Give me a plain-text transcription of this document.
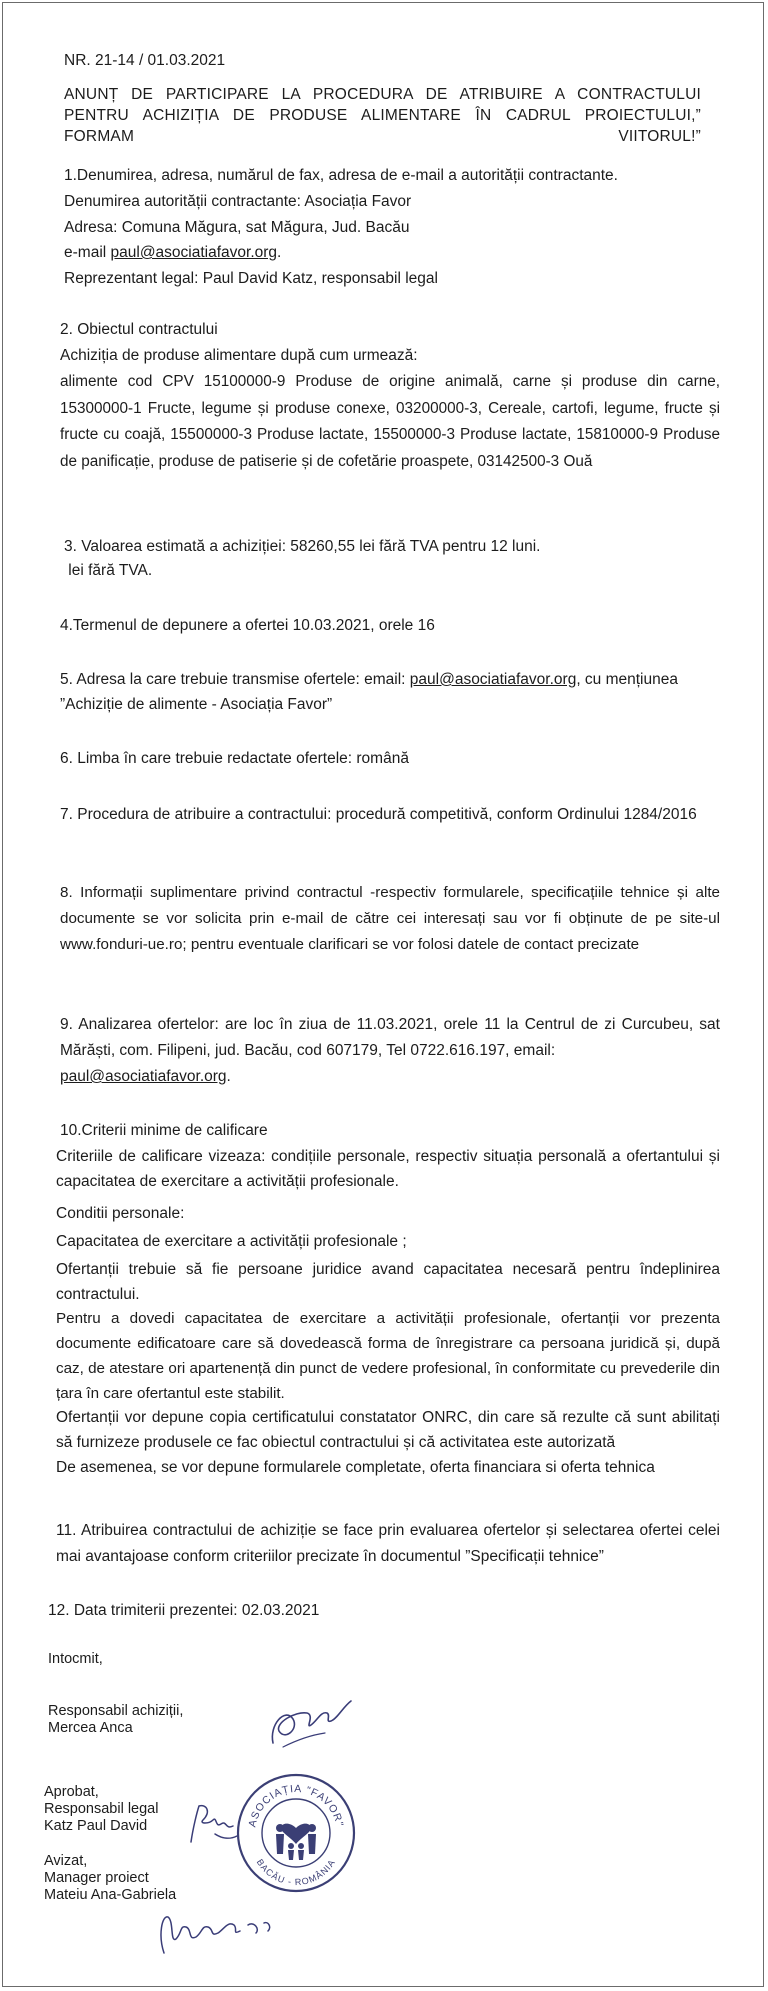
NR. 21-14 / 01.03.2021
ANUNȚ DE PARTICIPARE LA PROCEDURA DE ATRIBUIRE A CONTRACTULUI PENTRU ACHIZIȚIA DE PRODUSE ALIMENTARE ÎN CADRUL PROIECTULUI,” FORMAM VIITORUL!”
1.Denumirea, adresa, numărul de fax, adresa de e-mail a autorității contractante.
Denumirea autorității contractante: Asociația Favor
Adresa: Comuna Măgura, sat Măgura, Jud. Bacău
e-mail paul@asociatiafavor.org.
Reprezentant legal: Paul David Katz, responsabil legal
2. Obiectul contractului
Achiziția de produse alimentare după cum urmează:
alimente cod CPV 15100000-9 Produse de origine animală, carne și produse din carne, 15300000-1 Fructe, legume și produse conexe, 03200000-3, Cereale, cartofi, legume, fructe și fructe cu coajă, 15500000-3 Produse lactate, 15500000-3 Produse lactate, 15810000-9 Produse de panificație, produse de patiserie și de cofetărie proaspete, 03142500-3 Ouă
3. Valoarea estimată a achiziției: 58260,55 lei fără TVA pentru 12 luni.
lei fără TVA.
4.Termenul de depunere a ofertei 10.03.2021, orele 16
5. Adresa la care trebuie transmise ofertele: email: paul@asociatiafavor.org, cu mențiunea
”Achiziție de alimente - Asociația Favor”
6. Limba în care trebuie redactate ofertele: română
7. Procedura de atribuire a contractului: procedură competitivă, conform Ordinului 1284/2016
8. Informații suplimentare privind contractul -respectiv formularele, specificațiile tehnice și alte documente se vor solicita prin e-mail de către cei interesați sau vor fi obținute de pe site-ul www.fonduri-ue.ro; pentru eventuale clarificari se vor folosi datele de contact precizate
9. Analizarea ofertelor: are loc în ziua de 11.03.2021, orele 11 la Centrul de zi Curcubeu, sat Mărăști, com. Filipeni, jud. Bacău, cod 607179, Tel 0722.616.197, email:
paul@asociatiafavor.org.
10.Criterii minime de calificare
Criteriile de calificare vizeaza: condițiile personale, respectiv situația personală a ofertantului și capacitatea de exercitare a activității profesionale.
Conditii personale:
Capacitatea de exercitare a activității profesionale ;
Ofertanții trebuie să fie persoane juridice avand capacitatea necesară pentru îndeplinirea contractului.
Pentru a dovedi capacitatea de exercitare a activității profesionale, ofertanții vor prezenta documente edificatoare care să dovedească forma de înregistrare ca persoana juridică și, după caz, de atestare ori apartenență din punct de vedere profesional, în conformitate cu prevederile din țara în care ofertantul este stabilit.
Ofertanții vor depune copia certificatului constatator ONRC, din care să rezulte că sunt abilitați să furnizeze produsele ce fac obiectul contractului și că activitatea este autorizată
De asemenea, se vor depune formularele completate, oferta financiara si oferta tehnica
11. Atribuirea contractului de achiziție se face prin evaluarea ofertelor și selectarea ofertei celei mai avantajoase conform criteriilor precizate în documentul ”Specificații tehnice”
12. Data trimiterii prezentei: 02.03.2021
Intocmit,
Responsabil achiziții,
Mercea Anca
Aprobat,
Responsabil legal
Katz Paul David
Avizat,
Manager proiect
Mateiu Ana-Gabriela
ASOCIAȚIA "FAVOR"
BACĂU - ROMÂNIA
